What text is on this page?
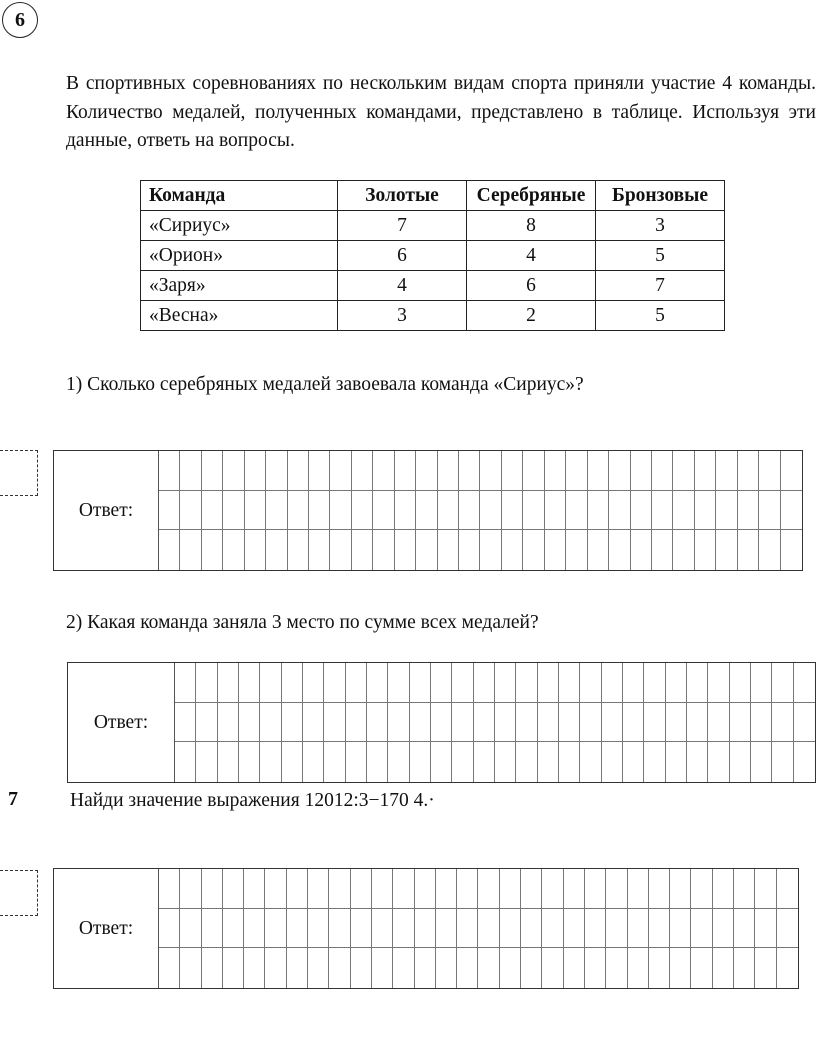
6
В спортивных соревнованиях по нескольким видам спорта приняли участие 4 команды. Количество медалей, полученных командами, представлено в таблице. Используя эти данные, ответь на вопросы.
Команда	Золотые	Серебряные	Бронзовые
«Сириус»	7	8	3
«Орион»	6	4	5
«Заря»	4	6	7
«Весна»	3	2	5
1) Сколько серебряных медалей завоевала команда «Сириус»?
Ответ:
2) Какая команда заняла 3 место по сумме всех медалей?
Ответ:
7	Найди значение выражения 12012:3−170 4.·
Ответ:
